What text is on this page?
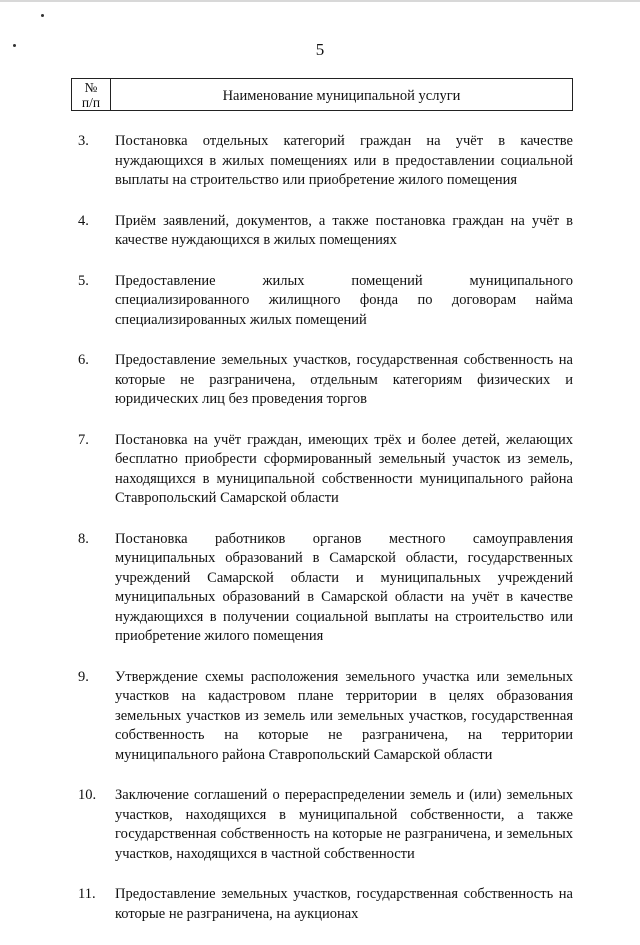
5
№
п/п	Наименование муниципальной услуги
3.	Постановка отдельных категорий граждан на учёт в качестве нуждающихся в жилых помещениях или в предоставлении социальной выплаты на строительство или приобретение жилого помещения
4.	Приём заявлений, документов, а также постановка граждан на учёт в качестве нуждающихся в жилых помещениях
5.	Предоставление жилых помещений муниципального специализированного жилищного фонда по договорам найма специализированных жилых помещений
6.	Предоставление земельных участков, государственная собственность на которые не разграничена, отдельным категориям физических и юридических лиц без проведения торгов
7.	Постановка на учёт граждан, имеющих трёх и более детей, желающих бесплатно приобрести сформированный земельный участок из земель, находящихся в муниципальной собственности муниципального района Ставропольский Самарской области
8.	Постановка работников органов местного самоуправления муниципальных образований в Самарской области, государственных учреждений Самарской области и муниципальных учреждений муниципальных образований в Самарской области на учёт в качестве нуждающихся в получении социальной выплаты на строительство или приобретение жилого помещения
9.	Утверждение схемы расположения земельного участка или земельных участков на кадастровом плане территории в целях образования земельных участков из земель или земельных участков, государственная собственность на которые не разграничена, на территории муниципального района Ставропольский Самарской области
10.	Заключение соглашений о перераспределении земель и (или) земельных участков, находящихся в муниципальной собственности, а также государственная собственность на которые не разграничена, и земельных участков, находящихся в частной собственности
11.	Предоставление земельных участков, государственная собственность на которые не разграничена, на аукционах
